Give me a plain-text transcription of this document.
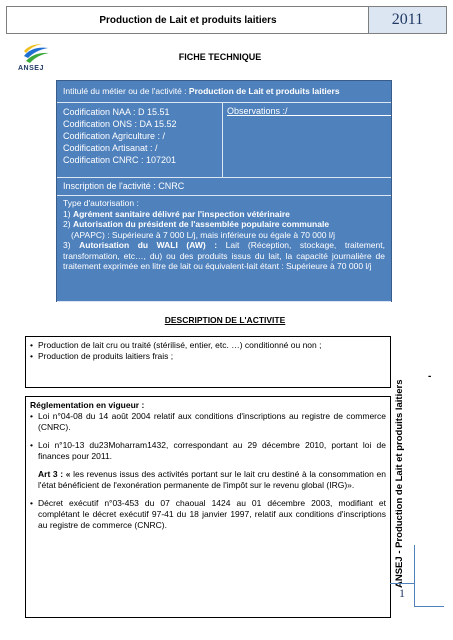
Production de Lait et produits laitiers	2011
ANSEJ
FICHE TECHNIQUE
Intitulé du métier ou de l'activité : Production de Lait et produits laitiers
Codification NAA : D 15.51
Codification ONS : DA 15.52
Codification Agriculture : /
Codification Artisanat : /
Codification CNRC : 107201
Observations :/
Inscription de l'activité : CNRC
Type d'autorisation :
1) Agrément sanitaire délivré par l'inspection vétérinaire
2) Autorisation du président de l'assemblée populaire communale
(APAPC) : Supérieure à 7 000 L/j, mais inférieure ou égale à 70 000 l/j
3) Autorisation du WALI (AW) : Lait (Réception, stockage, traitement, transformation, etc…, du) ou des produits issus du lait, la capacité journalière de traitement exprimée en litre de lait ou équivalent-lait étant : Supérieure à 70 000 l/j
DESCRIPTION DE L'ACTIVITE
• Production de lait cru ou traité (stérilisé, entier, etc. …) conditionné ou non ;
• Production de produits laitiers frais ;
Réglementation en vigueur :
• Loi n°04-08 du 14 août 2004 relatif aux conditions d'inscriptions au registre de commerce (CNRC).
• Loi n°10-13 du23Moharram1432, correspondant au 29 décembre 2010, portant loi de finances pour 2011.
Art 3 : « les revenus issus des activités portant sur le lait cru destiné à la consommation en l'état bénéficient de l'exonération permanente de l'impôt sur le revenu global (IRG)».
• Décret exécutif n°03-453 du 07 chaoual 1424 au 01 décembre 2003, modifiant et complétant le décret exécutif 97-41 du 18 janvier 1997, relatif aux conditions d'inscriptions au registre de commerce (CNRC).	ANSEJ - Production de Lait et produits laitiers
-
1
